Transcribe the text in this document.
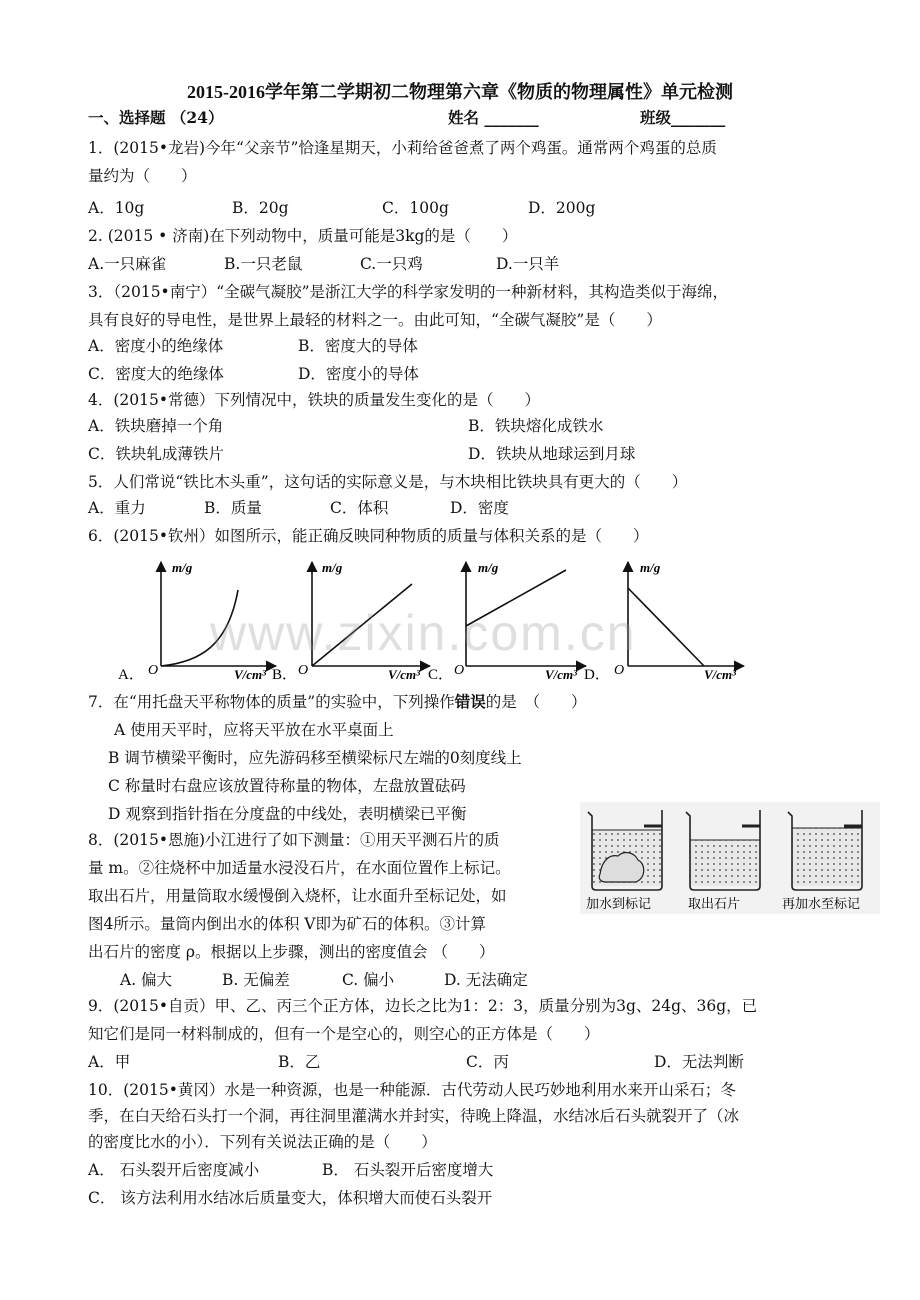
2015-2016学年第二学期初二物理第六章《物质的物理属性》单元检测
一、选择题 （24）	姓名 _______	班级_______
1．(2015•龙岩)今年“父亲节”恰逢星期天，小莉给爸爸煮了两个鸡蛋。通常两个鸡蛋的总质
量约为（　　）
A．10g	B．20g	C．100g	D．200g
2. (2015 • 济南)在下列动物中，质量可能是3kg的是（　　）
A.一只麻雀	B.一只老鼠	C.一只鸡	D.一只羊
3．（2015•南宁）“全碳气凝胶”是浙江大学的科学家发明的一种新材料，其构造类似于海绵，
具有良好的导电性，是世界上最轻的材料之一。由此可知，“全碳气凝胶”是（　　）
A．密度小的绝缘体	B．密度大的导体
C．密度大的绝缘体	D．密度小的导体
4．(2015•常德）下列情况中，铁块的质量发生变化的是（　　）
A．铁块磨掉一个角	B．铁块熔化成铁水
C．铁块轧成薄铁片	D．铁块从地球运到月球
5．人们常说“铁比木头重”，这句话的实际意义是，与木块相比铁块具有更大的（　　）
A．重力	B．质量	C．体积	D．密度
6．(2015•钦州）如图所示，能正确反映同种物质的质量与体积关系的是（　　）
m/g
O	V/cm³
A．
m/g
O	V/cm³
B．
m/g
O	V/cm³
C．
m/g
O	V/cm³
D．
www.zixin.com.cn
7．在“用托盘天平称物体的质量”的实验中，下列操作错误的是　（　　）
A 使用天平时，应将天平放在水平桌面上
B 调节横梁平衡时，应先游码移至横梁标尺左端的0刻度线上
C 称量时右盘应该放置待称量的物体，左盘放置砝码
D 观察到指针指在分度盘的中线处，表明横梁已平衡
8．(2015•恩施)小江进行了如下测量：①用天平测石片的质
量 m。②往烧杯中加适量水浸没石片，在水面位置作上标记。
取出石片，用量筒取水缓慢倒入烧杯，让水面升至标记处，如
图4所示。量筒内倒出水的体积 V即为矿石的体积。③计算
出石片的密度 ρ。根据以上步骤，测出的密度值会 （　　）
A. 偏大	B. 无偏差	C. 偏小	D. 无法确定
加水到标记	取出石片	再加水至标记
9．(2015•自贡）甲、乙、丙三个正方体，边长之比为1：2：3，质量分别为3g、24g、36g，已
知它们是同一材料制成的，但有一个是空心的，则空心的正方体是（　　）
A．甲	B．乙	C．丙	D．无法判断
10．(2015•黄冈）水是一种资源，也是一种能源．古代劳动人民巧妙地利用水来开山采石；冬
季，在白天给石头打一个洞，再往洞里灌满水并封实，待晚上降温，水结冰后石头就裂开了（冰
的密度比水的小）．下列有关说法正确的是（　　）
A． 石头裂开后密度减小	B． 石头裂开后密度增大
C． 该方法利用水结冰后质量变大，体积增大而使石头裂开
